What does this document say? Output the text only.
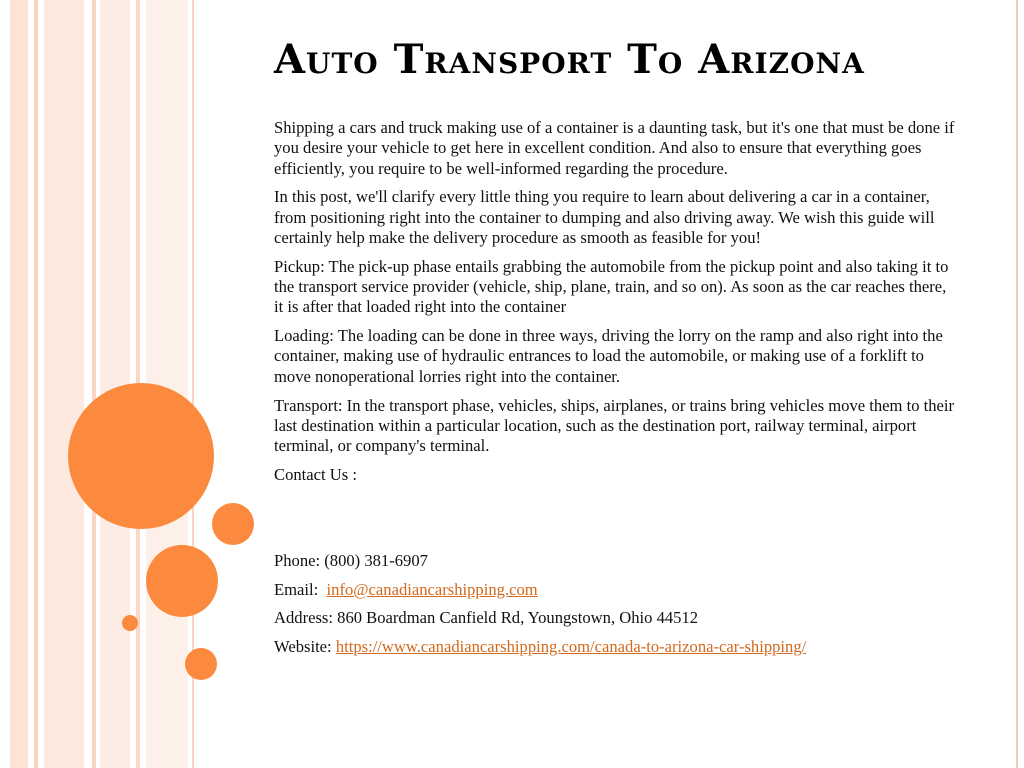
Auto Transport To Arizona

Shipping a cars and truck making use of a container is a daunting task, but it's one that must be done if you desire your vehicle to get here in excellent condition. And also to ensure that everything goes efficiently, you require to be well-informed regarding the procedure.

In this post, we'll clarify every little thing you require to learn about delivering a car in a container, from positioning right into the container to dumping and also driving away. We wish this guide will certainly help make the delivery procedure as smooth as feasible for you!

Pickup: The pick-up phase entails grabbing the automobile from the pickup point and also taking it to the transport service provider (vehicle, ship, plane, train, and so on). As soon as the car reaches there, it is after that loaded right into the container

Loading: The loading can be done in three ways, driving the lorry on the ramp and also right into the container, making use of hydraulic entrances to load the automobile, or making use of a forklift to move nonoperational lorries right into the container.

Transport: In the transport phase, vehicles, ships, airplanes, or trains bring vehicles move them to their last destination within a particular location, such as the destination port, railway terminal, airport terminal, or company's terminal.

Contact Us :

Phone: (800) 381-6907

Email: info@canadiancarshipping.com

Address: 860 Boardman Canfield Rd, Youngstown, Ohio 44512

Website: https://www.canadiancarshipping.com/canada-to-arizona-car-shipping/
